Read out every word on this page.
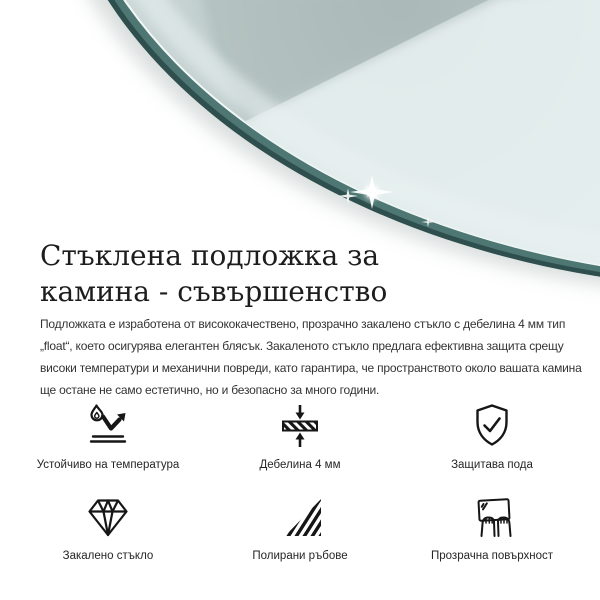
Стъклена подложка за
камина - съвършенство

Подложката е изработена от висококачествено, прозрачно закалено стъкло с дебелина 4 мм тип „float“, което осигурява елегантен блясък. Закаленото стъкло предлага ефективна защита срещу високи температури и механични повреди, като гарантира, че пространството около вашата камина ще остане не само естетично, но и безопасно за много години.

Устойчиво на температура	Дебелина 4 мм	Защитава пода
Закалено стъкло	Полирани ръбове	Прозрачна повърхност
